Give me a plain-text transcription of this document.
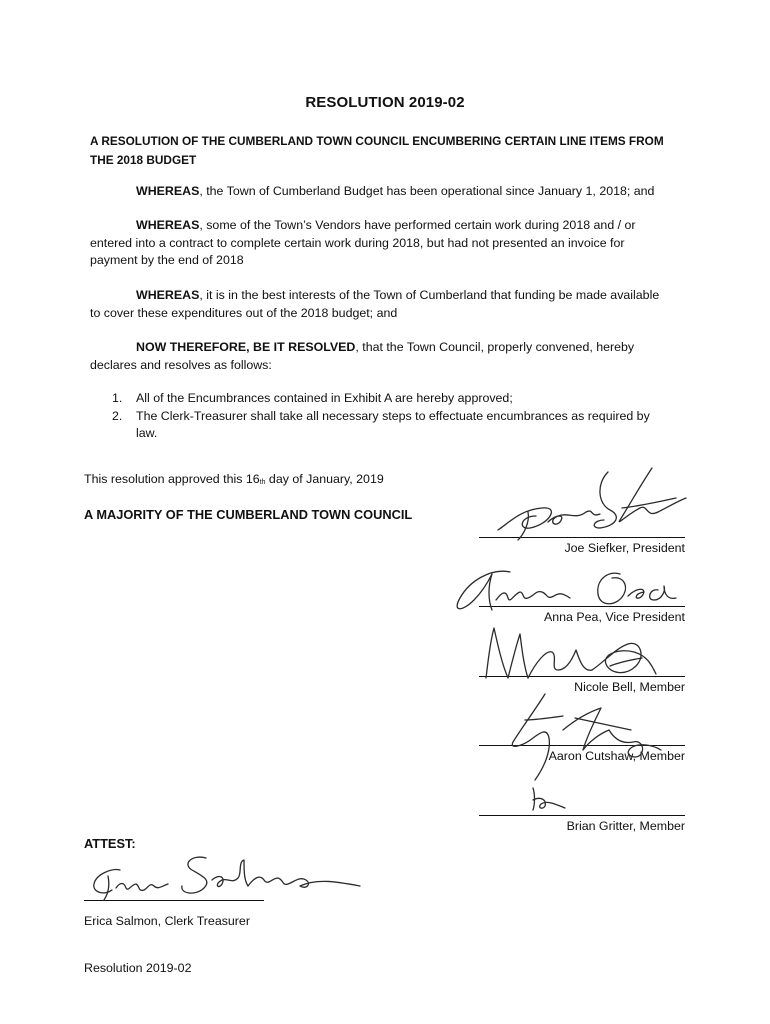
RESOLUTION 2019-02
A RESOLUTION OF THE CUMBERLAND TOWN COUNCIL ENCUMBERING CERTAIN LINE ITEMS FROM THE 2018 BUDGET
WHEREAS, the Town of Cumberland Budget has been operational since January 1, 2018; and
WHEREAS, some of the Town’s Vendors have performed certain work during 2018 and / or entered into a contract to complete certain work during 2018, but had not presented an invoice for payment by the end of 2018
WHEREAS, it is in the best interests of the Town of Cumberland that funding be made available to cover these expenditures out of the 2018 budget; and
NOW THEREFORE, BE IT RESOLVED, that the Town Council, properly convened, hereby declares and resolves as follows:
1.	All of the Encumbrances contained in Exhibit A are hereby approved;
2.	The Clerk-Treasurer shall take all necessary steps to effectuate encumbrances as required by law.
This resolution approved this $16_{th}$ day of January, 2019
A MAJORITY OF THE CUMBERLAND TOWN COUNCIL
Joe Siefker, President
Anna Pea, Vice President
Nicole Bell, Member
Aaron Cutshaw, Member
Brian Gritter, Member
ATTEST:
Erica Salmon, Clerk Treasurer
Resolution 2019-02
